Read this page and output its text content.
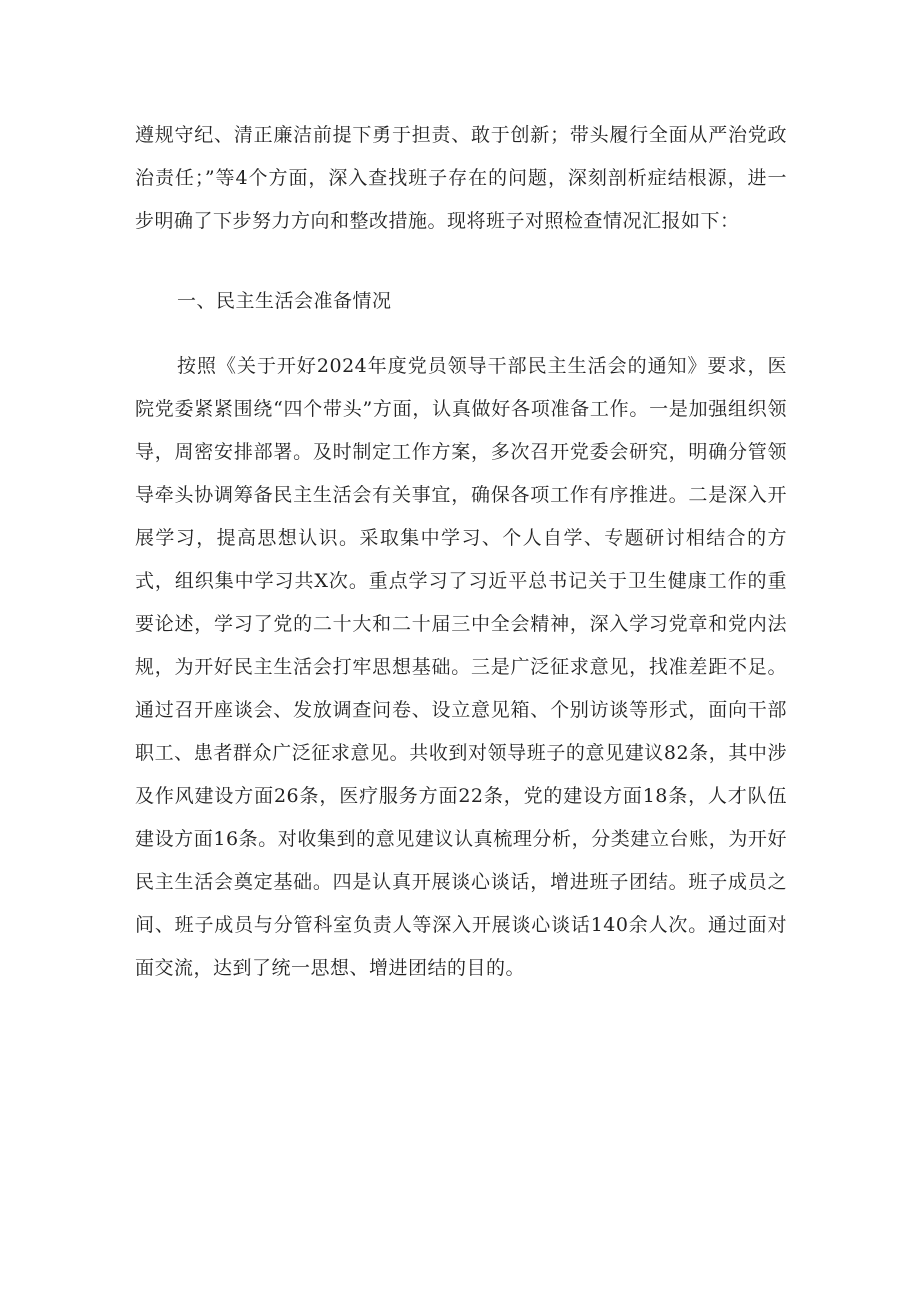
遵规守纪、清正廉洁前提下勇于担责、敢于创新；带头履行全面从严治党政治责任；”等4个方面，深入查找班子存在的问题，深刻剖析症结根源，进一步明确了下步努力方向和整改措施。现将班子对照检查情况汇报如下：

一、民主生活会准备情况

按照《关于开好2024年度党员领导干部民主生活会的通知》要求，医院党委紧紧围绕“四个带头”方面，认真做好各项准备工作。一是加强组织领导，周密安排部署。及时制定工作方案，多次召开党委会研究，明确分管领导牵头协调筹备民主生活会有关事宜，确保各项工作有序推进。二是深入开展学习，提高思想认识。采取集中学习、个人自学、专题研讨相结合的方式，组织集中学习共X次。重点学习了习近平总书记关于卫生健康工作的重要论述，学习了党的二十大和二十届三中全会精神，深入学习党章和党内法规，为开好民主生活会打牢思想基础。三是广泛征求意见，找准差距不足。通过召开座谈会、发放调查问卷、设立意见箱、个别访谈等形式，面向干部职工、患者群众广泛征求意见。共收到对领导班子的意见建议82条，其中涉及作风建设方面26条，医疗服务方面22条，党的建设方面18条，人才队伍建设方面16条。对收集到的意见建议认真梳理分析，分类建立台账，为开好民主生活会奠定基础。四是认真开展谈心谈话，增进班子团结。班子成员之间、班子成员与分管科室负责人等深入开展谈心谈话140余人次。通过面对面交流，达到了统一思想、增进团结的目的。
